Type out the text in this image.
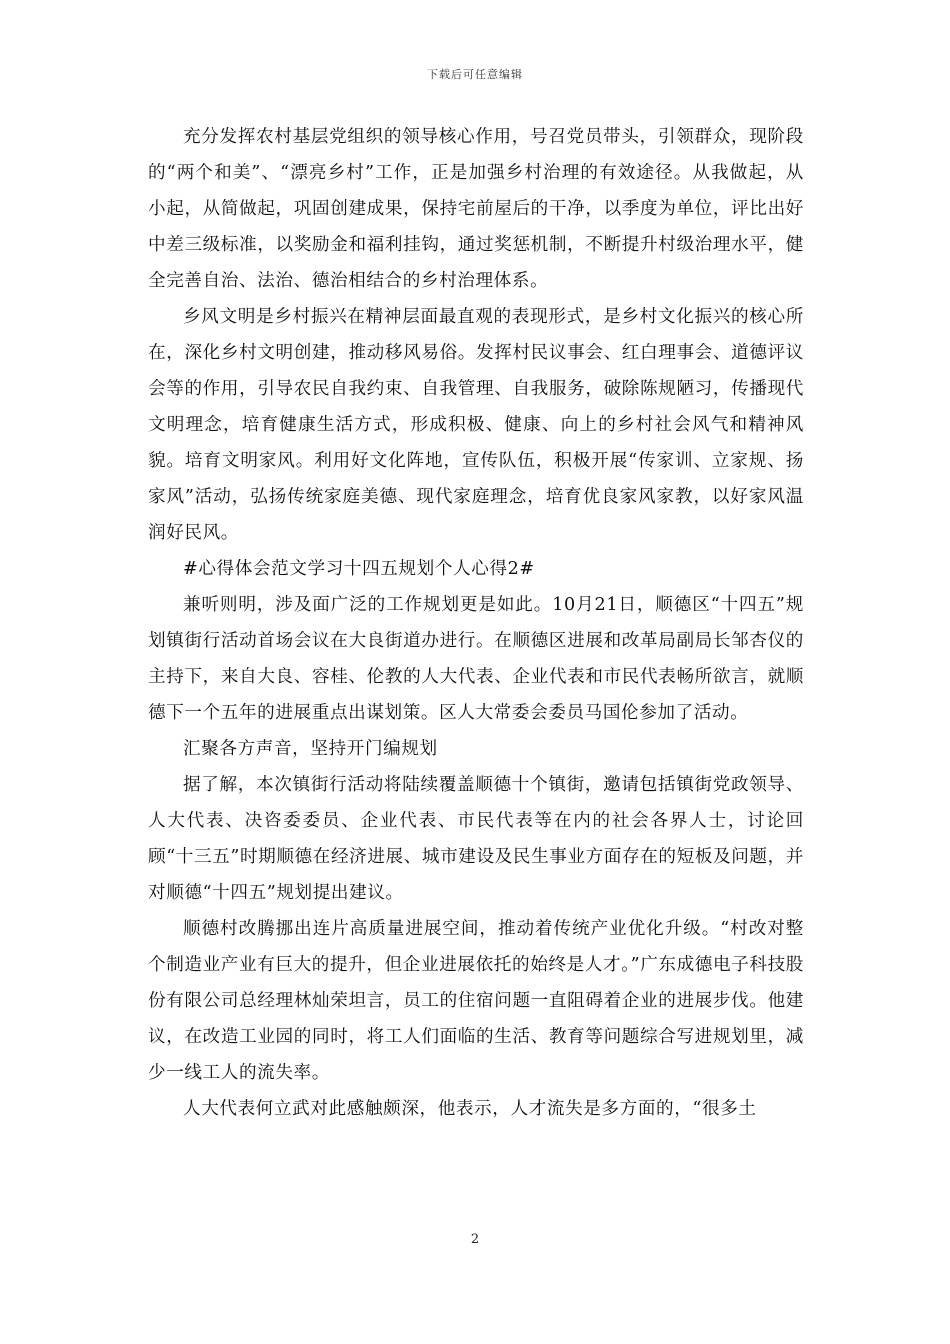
下载后可任意编辑

充分发挥农村基层党组织的领导核心作用，号召党员带头，引领群众，现阶段的“两个和美”、“漂亮乡村”工作，正是加强乡村治理的有效途径。从我做起，从小起，从简做起，巩固创建成果，保持宅前屋后的干净，以季度为单位，评比出好中差三级标准，以奖励金和福利挂钩，通过奖惩机制，不断提升村级治理水平，健全完善自治、法治、德治相结合的乡村治理体系。

乡风文明是乡村振兴在精神层面最直观的表现形式，是乡村文化振兴的核心所在，深化乡村文明创建，推动移风易俗。发挥村民议事会、红白理事会、道德评议会等的作用，引导农民自我约束、自我管理、自我服务，破除陈规陋习，传播现代文明理念，培育健康生活方式，形成积极、健康、向上的乡村社会风气和精神风貌。培育文明家风。利用好文化阵地，宣传队伍，积极开展“传家训、立家规、扬家风”活动，弘扬传统家庭美德、现代家庭理念，培育优良家风家教，以好家风温润好民风。

#心得体会范文学习十四五规划个人心得2#

兼听则明，涉及面广泛的工作规划更是如此。10月21日，顺德区“十四五”规划镇街行活动首场会议在大良街道办进行。在顺德区进展和改革局副局长邹杏仪的主持下，来自大良、容桂、伦教的人大代表、企业代表和市民代表畅所欲言，就顺德下一个五年的进展重点出谋划策。区人大常委会委员马国伦参加了活动。

汇聚各方声音，坚持开门编规划

据了解，本次镇街行活动将陆续覆盖顺德十个镇街，邀请包括镇街党政领导、人大代表、决咨委委员、企业代表、市民代表等在内的社会各界人士，讨论回顾“十三五”时期顺德在经济进展、城市建设及民生事业方面存在的短板及问题，并对顺德“十四五”规划提出建议。

顺德村改腾挪出连片高质量进展空间，推动着传统产业优化升级。“村改对整个制造业产业有巨大的提升，但企业进展依托的始终是人才。”广东成德电子科技股份有限公司总经理林灿荣坦言，员工的住宿问题一直阻碍着企业的进展步伐。他建议，在改造工业园的同时，将工人们面临的生活、教育等问题综合写进规划里，减少一线工人的流失率。

人大代表何立武对此感触颇深，他表示，人才流失是多方面的，“很多土

2
